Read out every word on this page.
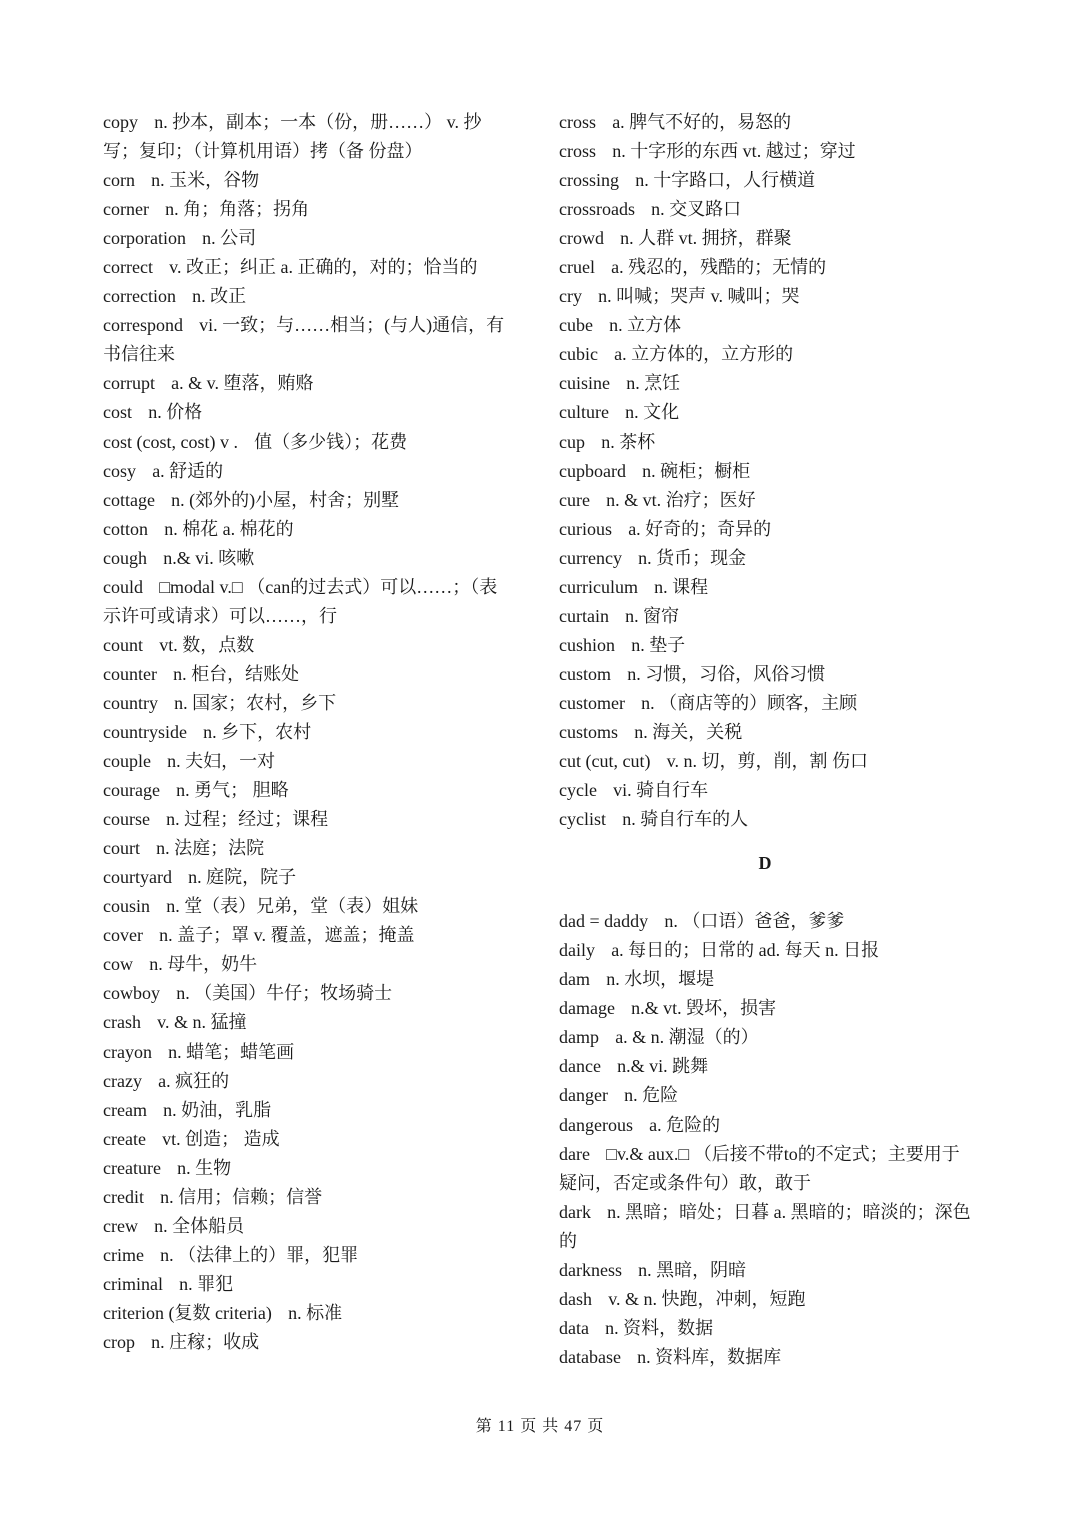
copy n. 抄本，副本；一本（份，册……） v. 抄写；复印；（计算机用语）拷（备 份盘）
corn n. 玉米，谷物
corner n. 角；角落；拐角
corporation n. 公司
correct v. 改正；纠正 a. 正确的，对的；恰当的
correction n. 改正
correspond vi. 一致；与……相当；(与人)通信，有书信往来
corrupt a. & v. 堕落，贿赂
cost n. 价格
cost (cost, cost) v . 值（多少钱）；花费
cosy a. 舒适的
cottage n. (郊外的)小屋，村舍；别墅
cotton n. 棉花 a. 棉花的
cough n.& vi. 咳嗽
could □modal v.□ （can的过去式）可以……；（表示许可或请求）可以……，行
count vt. 数，点数
counter n. 柜台，结账处
country n. 国家；农村，乡下
countryside n. 乡下，农村
couple n. 夫妇，一对
courage n. 勇气； 胆略
course n. 过程；经过；课程
court n. 法庭；法院
courtyard n. 庭院，院子
cousin n. 堂（表）兄弟，堂（表）姐妹
cover n. 盖子；罩 v. 覆盖，遮盖；掩盖
cow n. 母牛，奶牛
cowboy n. （美国）牛仔；牧场骑士
crash v. & n. 猛撞
crayon n. 蜡笔；蜡笔画
crazy a. 疯狂的
cream n. 奶油，乳脂
create vt. 创造； 造成
creature n. 生物
credit n. 信用；信赖；信誉
crew n. 全体船员
crime n. （法律上的）罪，犯罪
criminal n. 罪犯
criterion (复数 criteria) n. 标准
crop n. 庄稼；收成
cross a. 脾气不好的，易怒的
cross n. 十字形的东西 vt. 越过；穿过
crossing n. 十字路口，人行横道
crossroads n. 交叉路口
crowd n. 人群 vt. 拥挤，群聚
cruel a. 残忍的，残酷的；无情的
cry n. 叫喊；哭声 v. 喊叫；哭
cube n. 立方体
cubic a. 立方体的，立方形的
cuisine n. 烹饪
culture n. 文化
cup n. 茶杯
cupboard n. 碗柜；橱柜
cure n. & vt. 治疗；医好
curious a. 好奇的；奇异的
currency n. 货币；现金
curriculum n. 课程
curtain n. 窗帘
cushion n. 垫子
custom n. 习惯，习俗，风俗习惯
customer n. （商店等的）顾客，主顾
customs n. 海关，关税
cut (cut, cut) v. n. 切，剪，削，割 伤口
cycle vi. 骑自行车
cyclist n. 骑自行车的人
D
dad = daddy n. （口语）爸爸，爹爹
daily a. 每日的；日常的 ad. 每天 n. 日报
dam n. 水坝，堰堤
damage n.& vt. 毁坏，损害
damp a. & n. 潮湿（的）
dance n.& vi. 跳舞
danger n. 危险
dangerous a. 危险的
dare □v.& aux.□ （后接不带to的不定式；主要用于疑问，否定或条件句）敢，敢于
dark n. 黑暗；暗处；日暮 a. 黑暗的；暗淡的；深色的
darkness n. 黑暗，阴暗
dash v. & n. 快跑，冲刺，短跑
data n. 资料，数据
database n. 资料库，数据库
第 11 页 共 47 页
